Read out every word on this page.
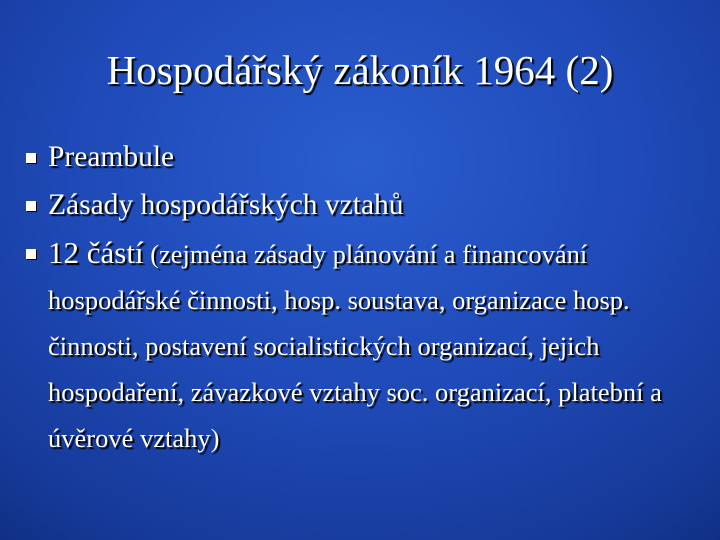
Hospodářský zákoník 1964 (2)
Preambule
Zásady hospodářských vztahů
12 částí (zejména zásady plánování a financování hospodářské činnosti, hosp. soustava, organizace hosp. činnosti, postavení socialistických organizací, jejich hospodaření, závazkové vztahy soc. organizací, platební a úvěrové vztahy)
